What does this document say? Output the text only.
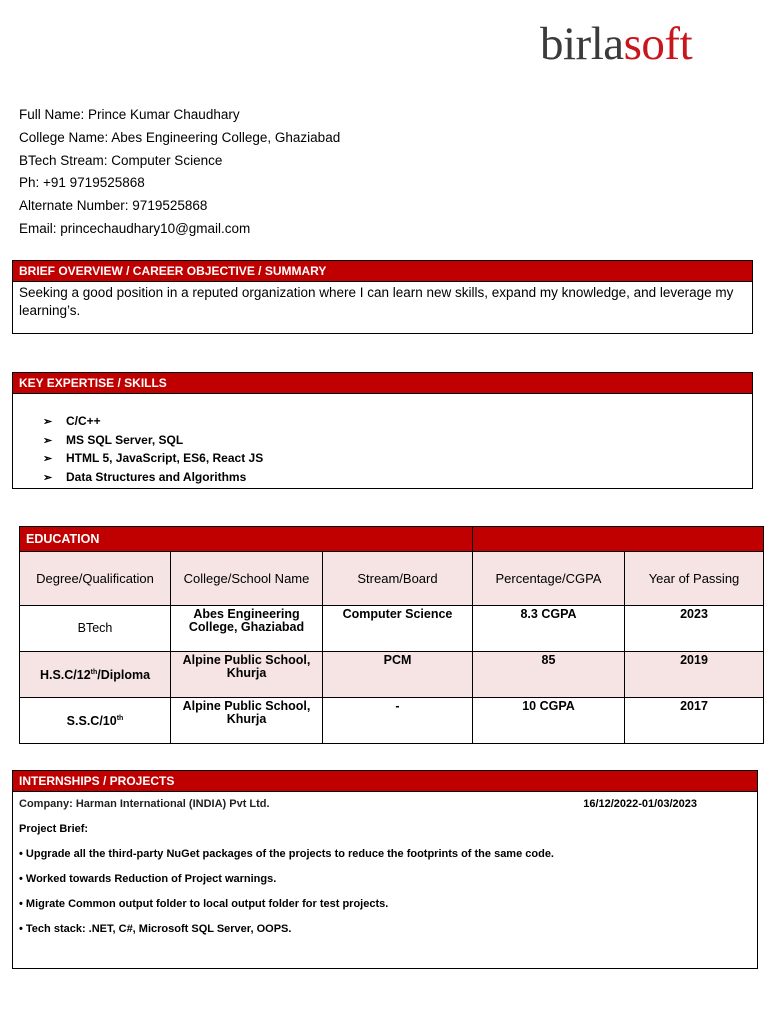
birlasoft
Full Name: Prince Kumar Chaudhary
College Name: Abes Engineering College, Ghaziabad
BTech Stream: Computer Science
Ph: +91 9719525868
Alternate Number: 9719525868
Email: princechaudhary10@gmail.com
BRIEF OVERVIEW / CAREER OBJECTIVE / SUMMARY
Seeking a good position in a reputed organization where I can learn new skills, expand my knowledge, and leverage my learning’s.
KEY EXPERTISE / SKILLS
➢ C/C++
➢ MS SQL Server, SQL
➢ HTML 5, JavaScript, ES6, React JS
➢ Data Structures and Algorithms
EDUCATION				
Degree/Qualification	College/School Name	Stream/Board	Percentage/CGPA	Year of Passing
BTech	Abes Engineering College, Ghaziabad	Computer Science	8.3 CGPA	2023
H.S.C/12th/Diploma	Alpine Public School, Khurja	PCM	85	2019
S.S.C/10th	Alpine Public School, Khurja	-	10 CGPA	2017
INTERNSHIPS / PROJECTS

Company: Harman International (INDIA) Pvt Ltd.	16/12/2022-01/03/2023

Project Brief:

• Upgrade all the third-party NuGet packages of the projects to reduce the footprints of the same code.

• Worked towards Reduction of Project warnings.

• Migrate Common output folder to local output folder for test projects.

• Tech stack: .NET, C#, Microsoft SQL Server, OOPS.
